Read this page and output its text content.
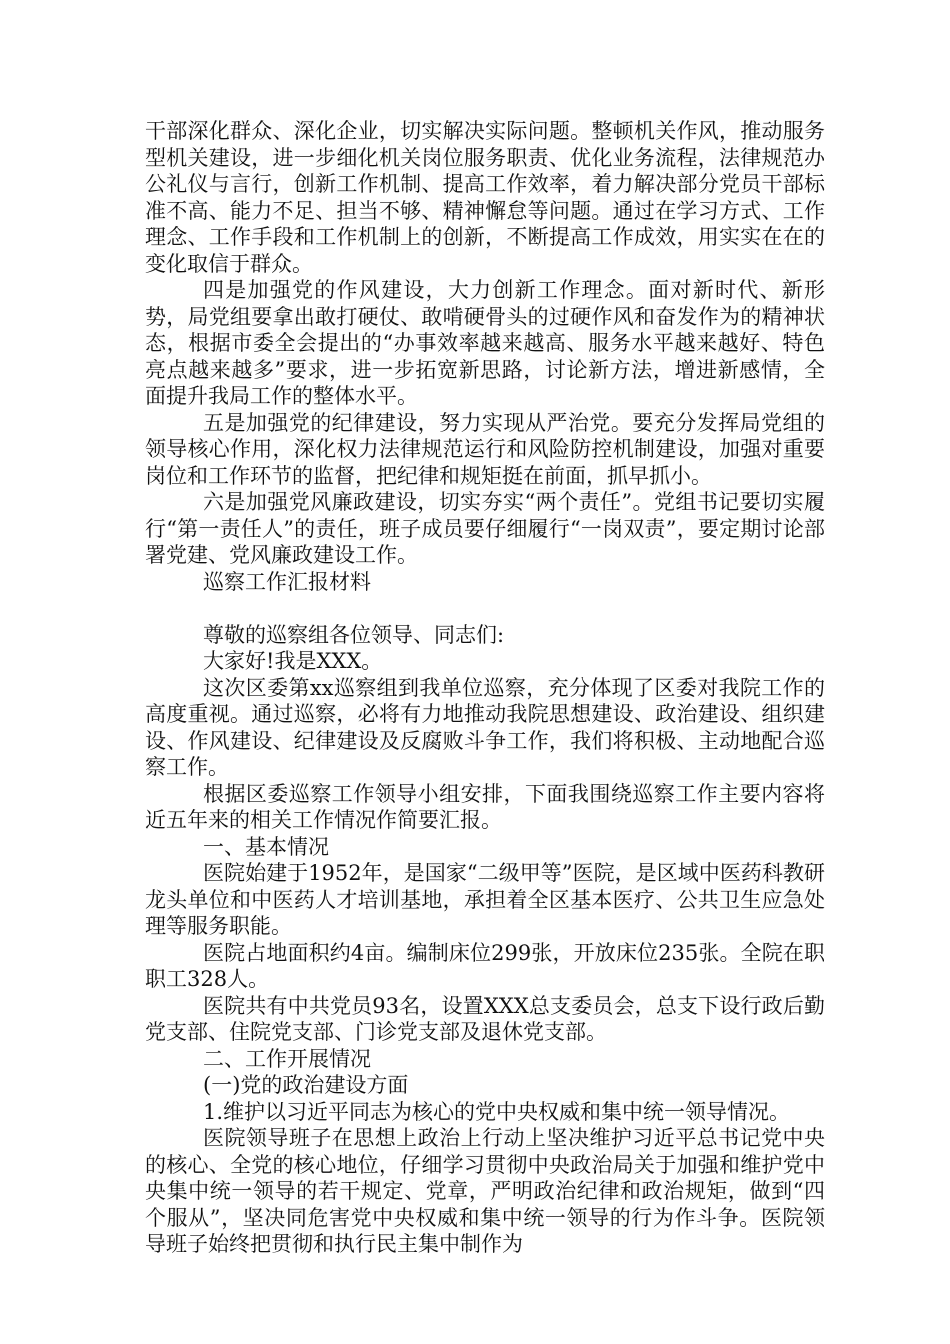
干部深化群众、深化企业，切实解决实际问题。整顿机关作风，推动服务型机关建设，进一步细化机关岗位服务职责、优化业务流程，法律规范办公礼仪与言行，创新工作机制、提高工作效率，着力解决部分党员干部标准不高、能力不足、担当不够、精神懈怠等问题。通过在学习方式、工作理念、工作手段和工作机制上的创新，不断提高工作成效，用实实在在的变化取信于群众。

四是加强党的作风建设，大力创新工作理念。面对新时代、新形势，局党组要拿出敢打硬仗、敢啃硬骨头的过硬作风和奋发作为的精神状态，根据市委全会提出的“办事效率越来越高、服务水平越来越好、特色亮点越来越多”要求，进一步拓宽新思路，讨论新方法，增进新感情，全面提升我局工作的整体水平。

五是加强党的纪律建设，努力实现从严治党。要充分发挥局党组的领导核心作用，深化权力法律规范运行和风险防控机制建设，加强对重要岗位和工作环节的监督，把纪律和规矩挺在前面，抓早抓小。

六是加强党风廉政建设，切实夯实“两个责任”。党组书记要切实履行“第一责任人”的责任，班子成员要仔细履行“一岗双责”，要定期讨论部署党建、党风廉政建设工作。

巡察工作汇报材料

尊敬的巡察组各位领导、同志们:

大家好!我是XXX。

这次区委第xx巡察组到我单位巡察，充分体现了区委对我院工作的高度重视。通过巡察，必将有力地推动我院思想建设、政治建设、组织建设、作风建设、纪律建设及反腐败斗争工作，我们将积极、主动地配合巡察工作。

根据区委巡察工作领导小组安排，下面我围绕巡察工作主要内容将近五年来的相关工作情况作简要汇报。

一、基本情况

医院始建于1952年，是国家“二级甲等”医院，是区域中医药科教研龙头单位和中医药人才培训基地，承担着全区基本医疗、公共卫生应急处理等服务职能。

医院占地面积约4亩。编制床位299张，开放床位235张。全院在职职工328人。

医院共有中共党员93名，设置XXX总支委员会，总支下设行政后勤党支部、住院党支部、门诊党支部及退休党支部。

二、工作开展情况

(一)党的政治建设方面

1.维护以习近平同志为核心的党中央权威和集中统一领导情况。

医院领导班子在思想上政治上行动上坚决维护习近平总书记党中央的核心、全党的核心地位，仔细学习贯彻中央政治局关于加强和维护党中央集中统一领导的若干规定、党章，严明政治纪律和政治规矩，做到“四个服从”，坚决同危害党中央权威和集中统一领导的行为作斗争。医院领导班子始终把贯彻和执行民主集中制作为
